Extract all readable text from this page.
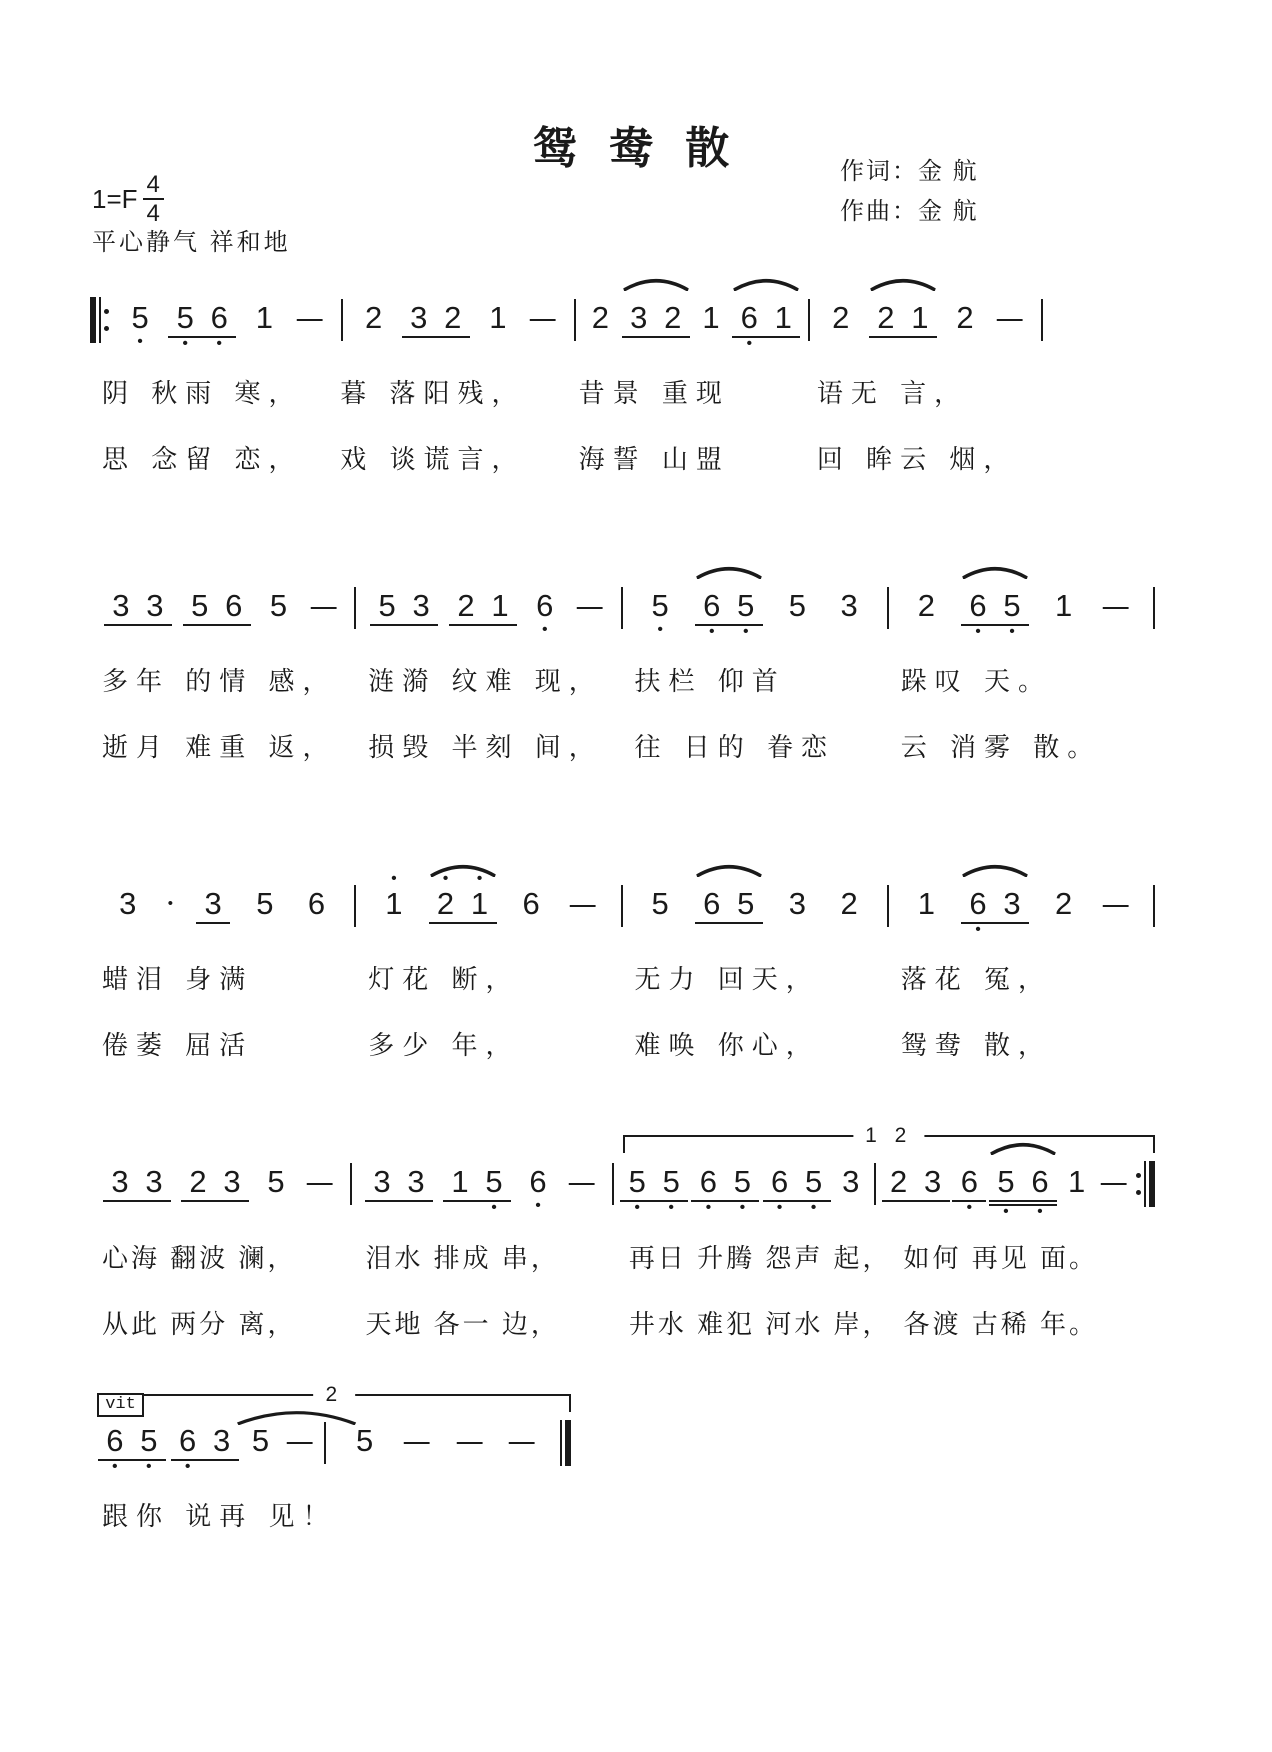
鸳 鸯 散	作词：金 航
作曲：金 航
$1=F \frac{4}{4}$
平心静气 祥和地
5
•
5 6
•	•
1 – 2 3 2 1 – 2 3 2 1 6 1
•
2 2 1 2 –
阴 秋雨 寒，	暮 落阳残，	昔景 重现	语无 言，
思 念留 恋，	戏 谈谎言，	海誓 山盟	回 眸云 烟，
3 3 5 6 5 – 5 3 2 1 6
•
– 5
•
6 5
•	•
5 3 2 6 5
•	•
1 –
多年 的情 感，	涟漪 纹难 现，	扶栏 仰首	跺叹 天。
逝月 难重 返，	损毁 半刻 间，	往 日的 眷恋	云 消雾 散。
3 • 3 5 6
•
1
•
2
•
1 6 – 5 6 5 3 2 1 6 3
•
2 –
蜡泪 身满	灯花 断，	无力 回天，	落花 冤，
倦萎 屈活	多少 年，	难唤 你心，	鸳鸯 散，
1 2
3 3 2 3 5 – 3 3 1 5
•
6
•
– 5 5
•	•
6 5
•	•
6 5
•	•
3 2 3 6
•
5 6
•	•
1 –
心海 翻波 澜，	泪水 排成 串，	再日 升腾 怨声 起， 如何 再见 面。
从此 两分 离，	天地 各一 边，	井水 难犯 河水 岸， 各渡 古稀 年。
2
vit
6 5
•	•
6 3
•
5 – 5 – – –
跟你 说再 见！
